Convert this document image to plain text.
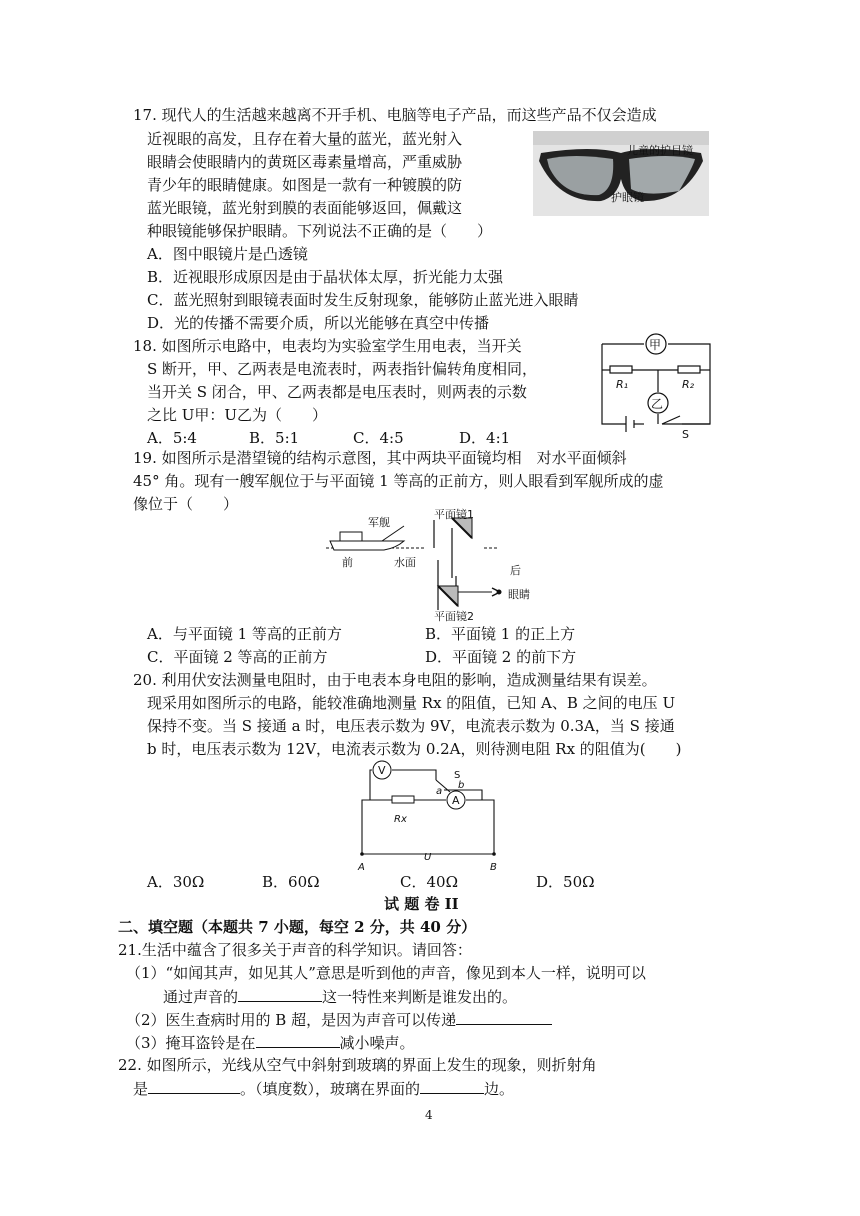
17. 现代人的生活越来越离不开手机、电脑等电子产品，而这些产品不仅会造成
近视眼的高发，且存在着大量的蓝光，蓝光射入
眼睛会使眼睛内的黄斑区毒素量增高，严重威胁
青少年的眼睛健康。如图是一款有一种镀膜的防
蓝光眼镜，蓝光射到膜的表面能够返回，佩戴这
种眼镜能够保护眼睛。下列说法不正确的是（　　）
儿童的护目镜
护眼镜
A．图中眼镜片是凸透镜
B．近视眼形成原因是由于晶状体太厚，折光能力太强
C．蓝光照射到眼镜表面时发生反射现象，能够防止蓝光进入眼睛
D．光的传播不需要介质，所以光能够在真空中传播
18. 如图所示电路中，电表均为实验室学生用电表，当开关
S 断开，甲、乙两表是电流表时，两表指针偏转角度相同，
当开关 S 闭合，甲、乙两表都是电压表时，则两表的示数
之比 U甲：U乙为（　　）
甲
乙
R₁	R₂
S
A．5:4	B．5:1	C．4:5	D．4:1
19. 如图所示是潜望镜的结构示意图，其中两块平面镜均相　对水平面倾斜
45° 角。现有一艘军舰位于与平面镜 1 等高的正前方，则人眼看到军舰所成的虚
像位于（　　）
军舰
平面镜1
前	水面
后
眼睛
平面镜2
A．与平面镜 1 等高的正前方	B．平面镜 1 的正上方
C．平面镜 2 等高的正前方	D．平面镜 2 的前下方
20. 利用伏安法测量电阻时，由于电表本身电阻的影响，造成测量结果有误差。
现采用如图所示的电路，能较准确地测量 Rx 的阻值，已知 A、B 之间的电压 U
保持不变。当 S 接通 a 时，电压表示数为 9V，电流表示数为 0.3A，当 S 接通
b 时，电压表示数为 12V，电流表示数为 0.2A，则待测电阻 Rx 的阻值为(　　)
V
A
S
a
b
Rx
A	B
U
A．30Ω	B．60Ω	C．40Ω	D．50Ω
试 题 卷 II
二、填空题（本题共 7 小题，每空 2 分，共 40 分）
21.生活中蕴含了很多关于声音的科学知识。请回答：
（1）“如闻其声，如见其人”意思是听到他的声音，像见到本人一样，说明可以
通过声音的	这一特性来判断是谁发出的。
（2）医生查病时用的 B 超，是因为声音可以传递
（3）掩耳盗铃是在	减小噪声。
22. 如图所示，光线从空气中斜射到玻璃的界面上发生的现象，则折射角
是	。（填度数），玻璃在界面的	边。
4
